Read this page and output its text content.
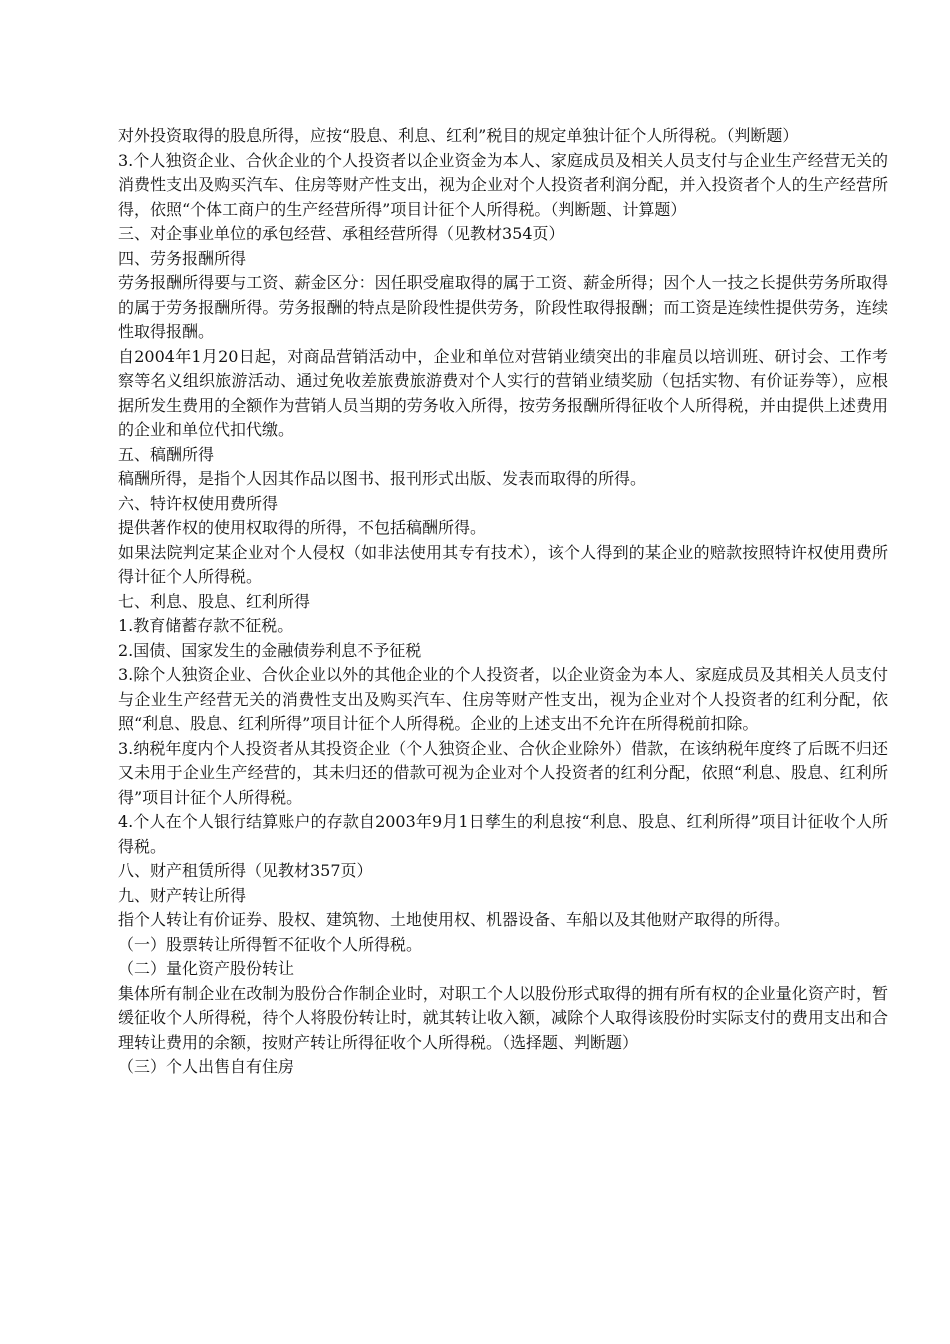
对外投资取得的股息所得，应按“股息、利息、红利”税目的规定单独计征个人所得税。（判断题）

3.个人独资企业、合伙企业的个人投资者以企业资金为本人、家庭成员及相关人员支付与企业生产经营无关的消费性支出及购买汽车、住房等财产性支出，视为企业对个人投资者利润分配，并入投资者个人的生产经营所得，依照“个体工商户的生产经营所得”项目计征个人所得税。（判断题、计算题）

三、对企事业单位的承包经营、承租经营所得（见教材354页）

四、劳务报酬所得

劳务报酬所得要与工资、薪金区分：因任职受雇取得的属于工资、薪金所得；因个人一技之长提供劳务所取得的属于劳务报酬所得。劳务报酬的特点是阶段性提供劳务，阶段性取得报酬；而工资是连续性提供劳务，连续性取得报酬。

自2004年1月20日起，对商品营销活动中，企业和单位对营销业绩突出的非雇员以培训班、研讨会、工作考察等名义组织旅游活动、通过免收差旅费旅游费对个人实行的营销业绩奖励（包括实物、有价证券等），应根据所发生费用的全额作为营销人员当期的劳务收入所得，按劳务报酬所得征收个人所得税，并由提供上述费用的企业和单位代扣代缴。

五、稿酬所得

稿酬所得，是指个人因其作品以图书、报刊形式出版、发表而取得的所得。

六、特许权使用费所得

提供著作权的使用权取得的所得，不包括稿酬所得。

如果法院判定某企业对个人侵权（如非法使用其专有技术），该个人得到的某企业的赔款按照特许权使用费所得计征个人所得税。

七、利息、股息、红利所得

1.教育储蓄存款不征税。

2.国债、国家发生的金融债券利息不予征税

3.除个人独资企业、合伙企业以外的其他企业的个人投资者，以企业资金为本人、家庭成员及其相关人员支付与企业生产经营无关的消费性支出及购买汽车、住房等财产性支出，视为企业对个人投资者的红利分配，依照“利息、股息、红利所得”项目计征个人所得税。企业的上述支出不允许在所得税前扣除。

3.纳税年度内个人投资者从其投资企业（个人独资企业、合伙企业除外）借款，在该纳税年度终了后既不归还又未用于企业生产经营的，其未归还的借款可视为企业对个人投资者的红利分配，依照“利息、股息、红利所得”项目计征个人所得税。

4.个人在个人银行结算账户的存款自2003年9月1日孳生的利息按“利息、股息、红利所得”项目计征收个人所得税。

八、财产租赁所得（见教材357页）

九、财产转让所得

指个人转让有价证券、股权、建筑物、土地使用权、机器设备、车船以及其他财产取得的所得。

（一）股票转让所得暂不征收个人所得税。

（二）量化资产股份转让

集体所有制企业在改制为股份合作制企业时，对职工个人以股份形式取得的拥有所有权的企业量化资产时，暂缓征收个人所得税，待个人将股份转让时，就其转让收入额，减除个人取得该股份时实际支付的费用支出和合理转让费用的余额，按财产转让所得征收个人所得税。（选择题、判断题）

（三）个人出售自有住房
